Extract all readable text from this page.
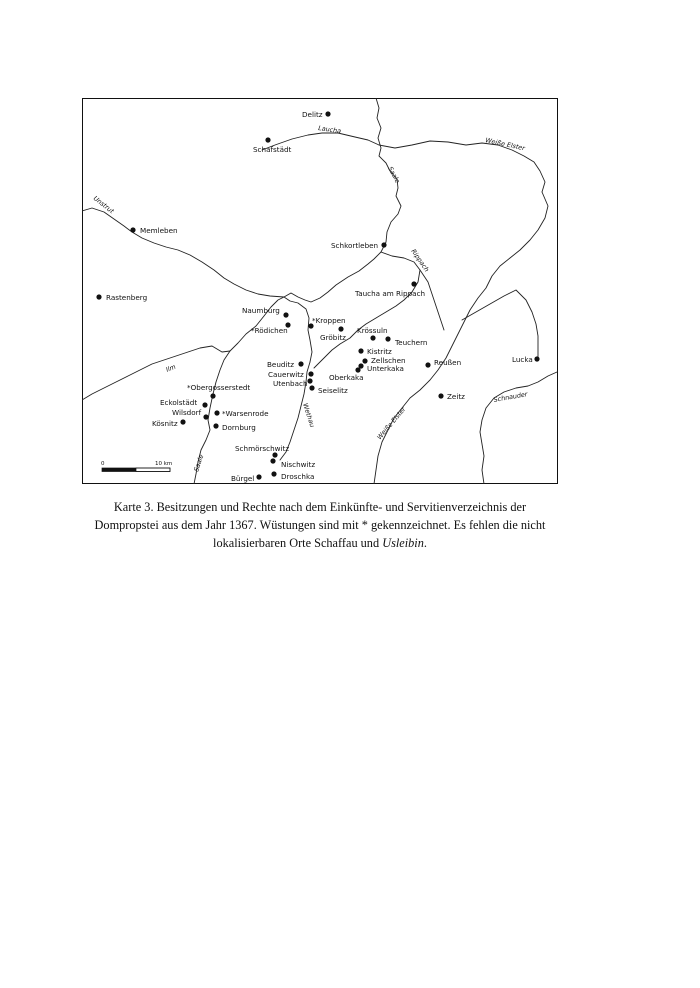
Laucha
Saale
Weiße Elster
Unstrut
Rippach
Ilm
Wethau
Saale
Weiße Elster
Schnauder
Delitz
Schafstädt
Memleben
Schkortleben
Rastenberg	Taucha am Rippach
Naumburg
*Rödichen
*Kroppen
Gröbitz
Krössuln
Teuchern
Kistritz
Zellschen
Unterkaka
Oberkaka
Reußen	Lucka
Beuditz
Cauerwitz
Utenbach
Seiselitz
*Obergosserstedt
Eckolstädt
Wilsdorf	*Warsenrode
Kösnitz	Dornburg
Zeitz
Schmörschwitz
Nischwitz
Bürgel	Droschka
0	10 km
Karte 3. Besitzungen und Rechte nach dem Einkünfte- und Servitienverzeichnis der Dompropstei aus dem Jahr 1367. Wüstungen sind mit * gekennzeichnet. Es fehlen die nicht lokalisierbaren Orte Schaffau und Usleibin.
